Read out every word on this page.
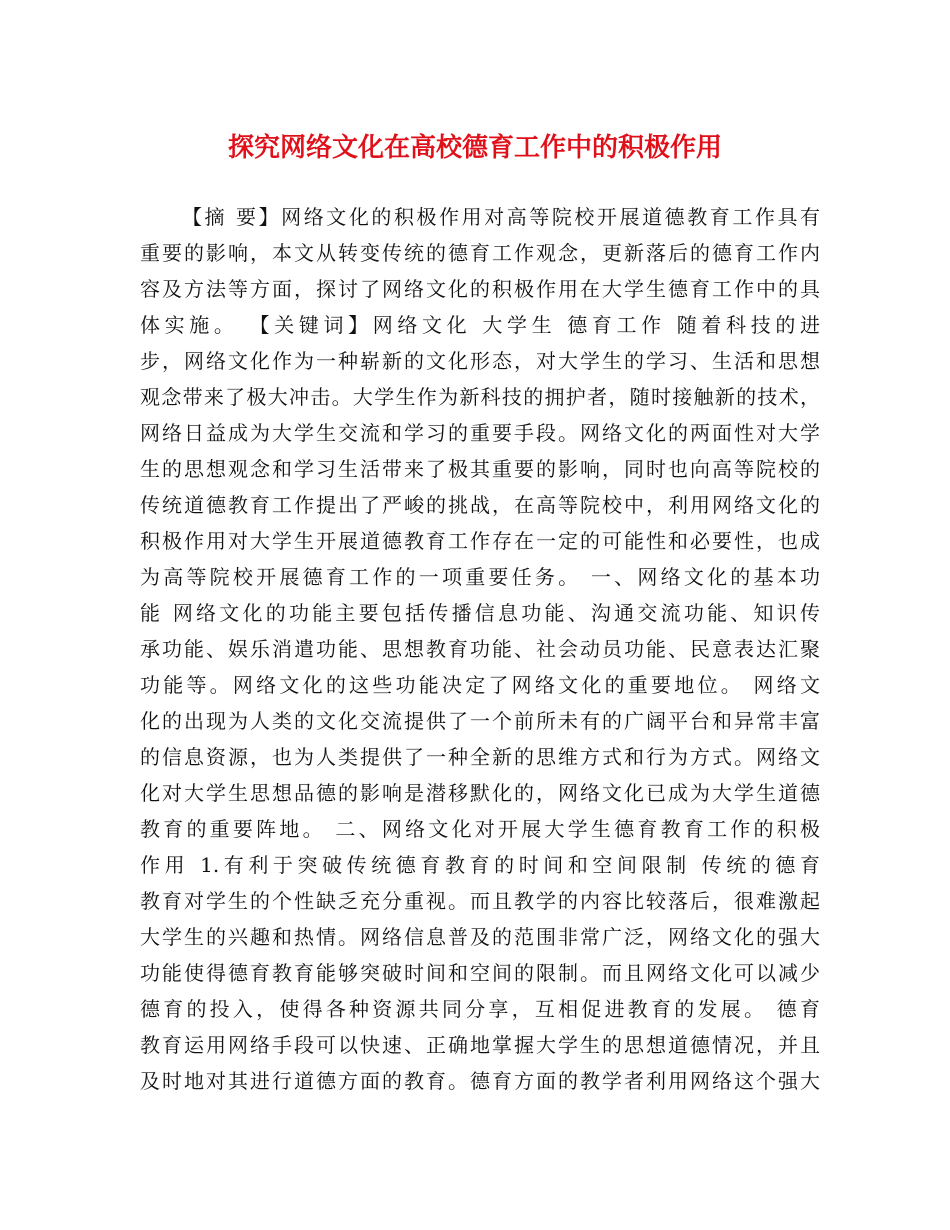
探究网络文化在高校德育工作中的积极作用
【摘 要】网络文化的积极作用对高等院校开展道德教育工作具有
重要的影响，本文从转变传统的德育工作观念，更新落后的德育工作内
容及方法等方面，探讨了网络文化的积极作用在大学生德育工作中的具
体实施。 【关键词】网络文化 大学生 德育工作 随着科技的进
步，网络文化作为一种崭新的文化形态，对大学生的学习、生活和思想
观念带来了极大冲击。大学生作为新科技的拥护者，随时接触新的技术，
网络日益成为大学生交流和学习的重要手段。网络文化的两面性对大学
生的思想观念和学习生活带来了极其重要的影响，同时也向高等院校的
传统道德教育工作提出了严峻的挑战，在高等院校中，利用网络文化的
积极作用对大学生开展道德教育工作存在一定的可能性和必要性，也成
为高等院校开展德育工作的一项重要任务。 一、网络文化的基本功
能 网络文化的功能主要包括传播信息功能、沟通交流功能、知识传
承功能、娱乐消遣功能、思想教育功能、社会动员功能、民意表达汇聚
功能等。网络文化的这些功能决定了网络文化的重要地位。 网络文
化的出现为人类的文化交流提供了一个前所未有的广阔平台和异常丰富
的信息资源，也为人类提供了一种全新的思维方式和行为方式。网络文
化对大学生思想品德的影响是潜移默化的，网络文化已成为大学生道德
教育的重要阵地。 二、网络文化对开展大学生德育教育工作的积极
作用 1.有利于突破传统德育教育的时间和空间限制 传统的德育
教育对学生的个性缺乏充分重视。而且教学的内容比较落后，很难激起
大学生的兴趣和热情。网络信息普及的范围非常广泛，网络文化的强大
功能使得德育教育能够突破时间和空间的限制。而且网络文化可以减少
德育的投入，使得各种资源共同分享，互相促进教育的发展。 德育
教育运用网络手段可以快速、正确地掌握大学生的思想道德情况，并且
及时地对其进行道德方面的教育。德育方面的教学者利用网络这个强大
